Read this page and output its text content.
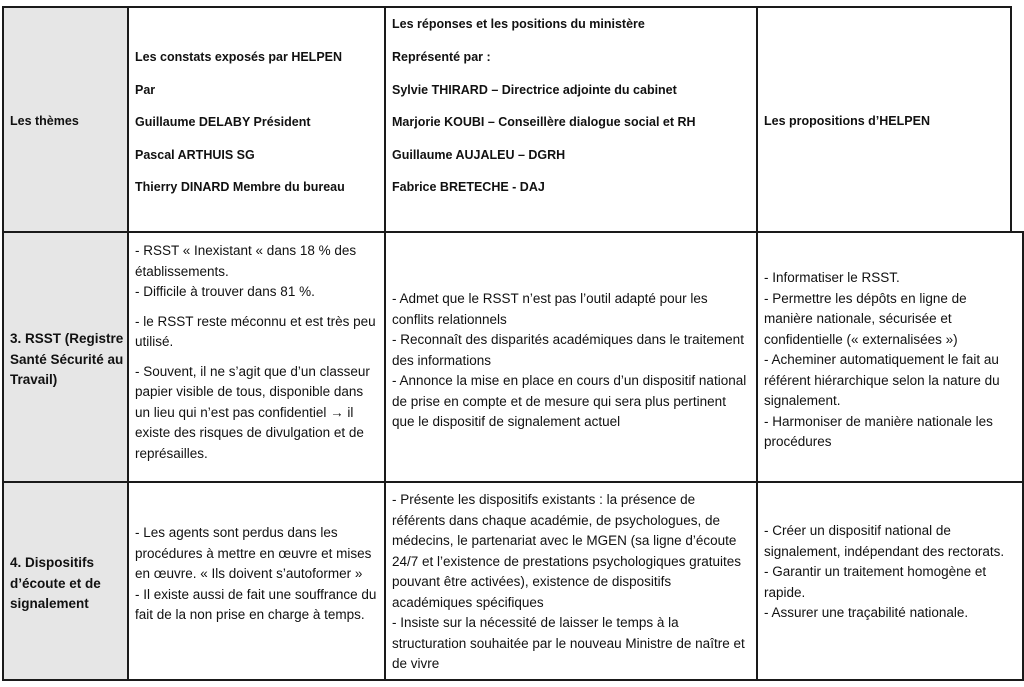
Les thèmes
Les constats exposés par HELPEN
Par
Guillaume DELABY Président
Pascal ARTHUIS SG
Thierry DINARD Membre du bureau
Les réponses et les positions du ministère
Représenté par :
Sylvie THIRARD – Directrice adjointe du cabinet
Marjorie KOUBI – Conseillère dialogue social et RH
Guillaume AUJALEU – DGRH
Fabrice BRETECHE - DAJ
Les propositions d’HELPEN
3. RSST (Registre Santé Sécurité au Travail)

- RSST « Inexistant « dans 18 % des établissements.

- Difficile à trouver dans 81 %.

- le RSST reste méconnu et est très peu utilisé.

- Souvent, il ne s’agit que d’un classeur papier visible de tous, disponible dans un lieu qui n’est pas confidentiel → il existe des risques de divulgation et de représailles.

- Admet que le RSST n’est pas l’outil adapté pour les conflits relationnels

- Reconnaît des disparités académiques dans le traitement des informations

- Annonce la mise en place en cours d’un dispositif national de prise en compte et de mesure qui sera plus pertinent que le dispositif de signalement actuel

- Informatiser le RSST.

- Permettre les dépôts en ligne de manière nationale, sécurisée et confidentielle (« externalisées »)

- Acheminer automatiquement le fait au référent hiérarchique selon la nature du signalement.

- Harmoniser de manière nationale les procédures

4. Dispositifs d’écoute et de signalement

- Les agents sont perdus dans les procédures à mettre en œuvre et mises en œuvre. « Ils doivent s’autoformer »

- Il existe aussi de fait une souffrance du fait de la non prise en charge à temps.

- Présente les dispositifs existants : la présence de référents dans chaque académie, de psychologues, de médecins, le partenariat avec le MGEN (sa ligne d’écoute 24/7 et l’existence de prestations psychologiques gratuites pouvant être activées), existence de dispositifs académiques spécifiques

- Insiste sur la nécessité de laisser le temps à la structuration souhaitée par le nouveau Ministre de naître et de vivre

- Créer un dispositif national de signalement, indépendant des rectorats.

- Garantir un traitement homogène et rapide.

- Assurer une traçabilité nationale.
